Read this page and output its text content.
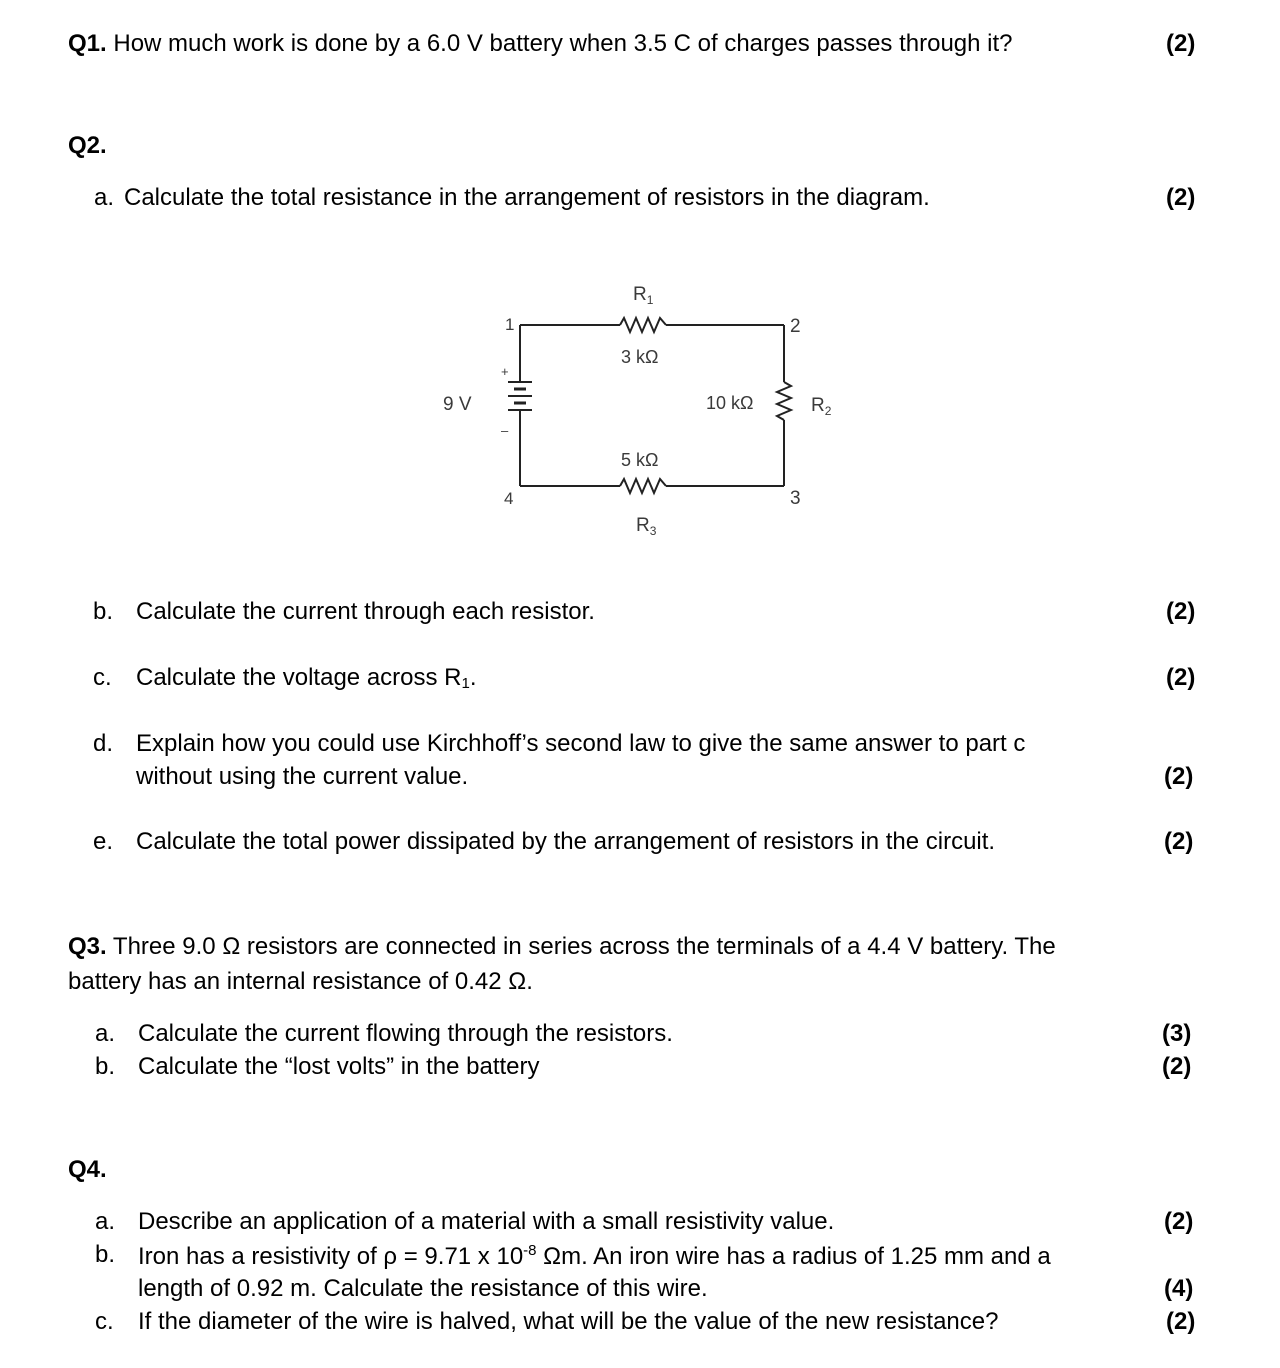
Q1. How much work is done by a 6.0 V battery when 3.5 C of charges passes through it?	(2)
Q2.
a. Calculate the total resistance in the arrangement of resistors in the diagram.	(2)
$R_1$
3 kΩ
5 kΩ
$R_3$
10 kΩ	$R_2$
9 V
+
–
1	2
3
4
b. Calculate the current through each resistor.	(2)
c. Calculate the voltage across $R_1$.	(2)
d. Explain how you could use Kirchhoff’s second law to give the same answer to part c
without using the current value.	(2)
e. Calculate the total power dissipated by the arrangement of resistors in the circuit.	(2)
Q3. Three 9.0 Ω resistors are connected in series across the terminals of a 4.4 V battery. The
battery has an internal resistance of 0.42 Ω.
a. Calculate the current flowing through the resistors.	(3)
b. Calculate the “lost volts” in the battery	(2)
Q4.
a. Describe an application of a material with a small resistivity value.	(2)
b. Iron has a resistivity of ρ = 9.71 x $10^{-8}$ Ωm. An iron wire has a radius of 1.25 mm and a
length of 0.92 m. Calculate the resistance of this wire.	(4)
c. If the diameter of the wire is halved, what will be the value of the new resistance?	(2)
